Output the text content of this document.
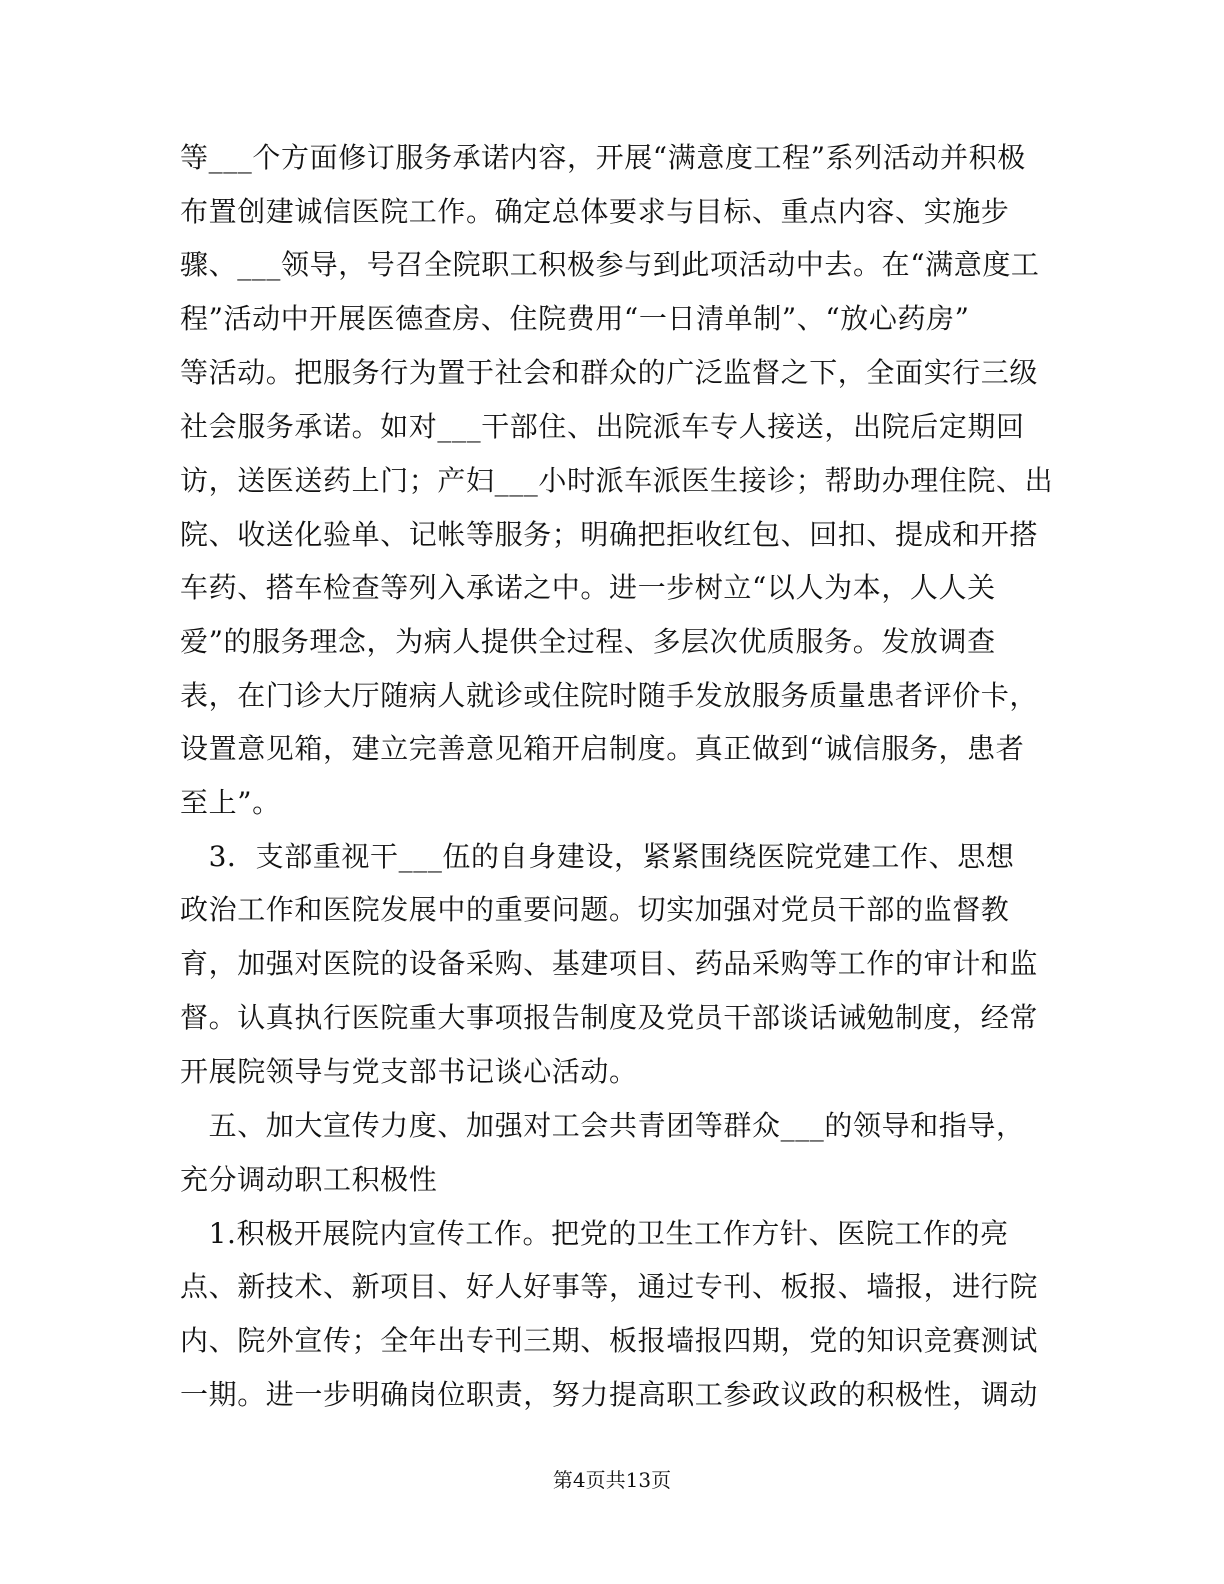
等___个方面修订服务承诺内容，开展“满意度工程”系列活动并积极
布置创建诚信医院工作。确定总体要求与目标、重点内容、实施步
骤、___领导，号召全院职工积极参与到此项活动中去。在“满意度工
程”活动中开展医德查房、住院费用“一日清单制”、“放心药房”
等活动。把服务行为置于社会和群众的广泛监督之下，全面实行三级
社会服务承诺。如对___干部住、出院派车专人接送，出院后定期回
访，送医送药上门；产妇___小时派车派医生接诊；帮助办理住院、出
院、收送化验单、记帐等服务；明确把拒收红包、回扣、提成和开搭
车药、搭车检查等列入承诺之中。进一步树立“以人为本，人人关
爱”的服务理念，为病人提供全过程、多层次优质服务。发放调查
表，在门诊大厅随病人就诊或住院时随手发放服务质量患者评价卡，
设置意见箱，建立完善意见箱开启制度。真正做到“诚信服务，患者
至上”。
　3．支部重视干___伍的自身建设，紧紧围绕医院党建工作、思想
政治工作和医院发展中的重要问题。切实加强对党员干部的监督教
育，加强对医院的设备采购、基建项目、药品采购等工作的审计和监
督。认真执行医院重大事项报告制度及党员干部谈话诫勉制度，经常
开展院领导与党支部书记谈心活动。
　五、加大宣传力度、加强对工会共青团等群众___的领导和指导，
充分调动职工积极性
　1.积极开展院内宣传工作。把党的卫生工作方针、医院工作的亮
点、新技术、新项目、好人好事等，通过专刊、板报、墙报，进行院
内、院外宣传；全年出专刊三期、板报墙报四期，党的知识竞赛测试
一期。进一步明确岗位职责，努力提高职工参政议政的积极性，调动
第4页共13页
